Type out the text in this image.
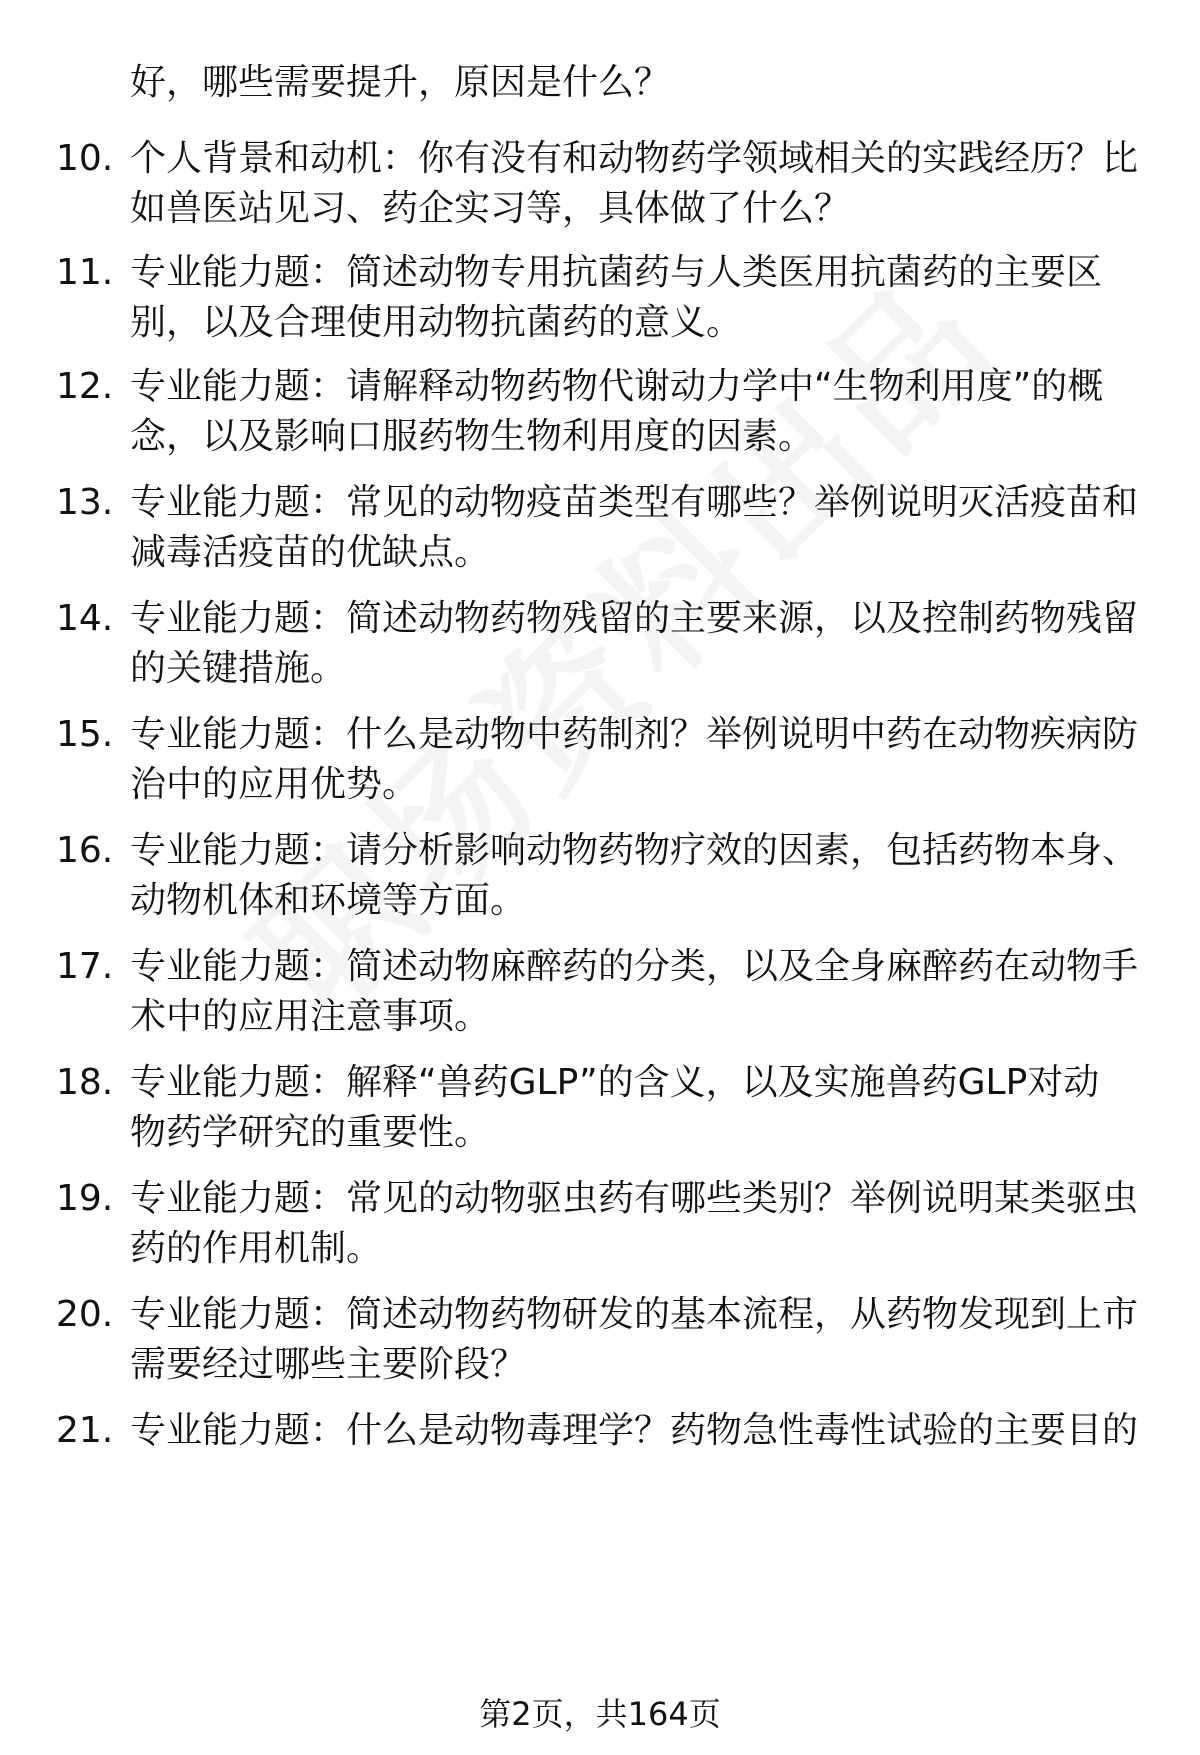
好，哪些需要提升，原因是什么？
10. 个人背景和动机：你有没有和动物药学领域相关的实践经历？比
如兽医站见习、药企实习等，具体做了什么？
11. 专业能力题：简述动物专用抗菌药与人类医用抗菌药的主要区
别，以及合理使用动物抗菌药的意义。
12. 专业能力题：请解释动物药物代谢动力学中“生物利用度”的概
念，以及影响口服药物生物利用度的因素。
13. 专业能力题：常见的动物疫苗类型有哪些？举例说明灭活疫苗和
减毒活疫苗的优缺点。
14. 专业能力题：简述动物药物残留的主要来源，以及控制药物残留
的关键措施。
15. 专业能力题：什么是动物中药制剂？举例说明中药在动物疾病防
治中的应用优势。
16. 专业能力题：请分析影响动物药物疗效的因素，包括药物本身、
动物机体和环境等方面。
17. 专业能力题：简述动物麻醉药的分类，以及全身麻醉药在动物手
术中的应用注意事项。
18. 专业能力题：解释“兽药GLP”的含义，以及实施兽药GLP对动
物药学研究的重要性。
19. 专业能力题：常见的动物驱虫药有哪些类别？举例说明某类驱虫
药的作用机制。
20. 专业能力题：简述动物药物研发的基本流程，从药物发现到上市
需要经过哪些主要阶段？
21. 专业能力题：什么是动物毒理学？药物急性毒性试验的主要目的
第2页，共164页
